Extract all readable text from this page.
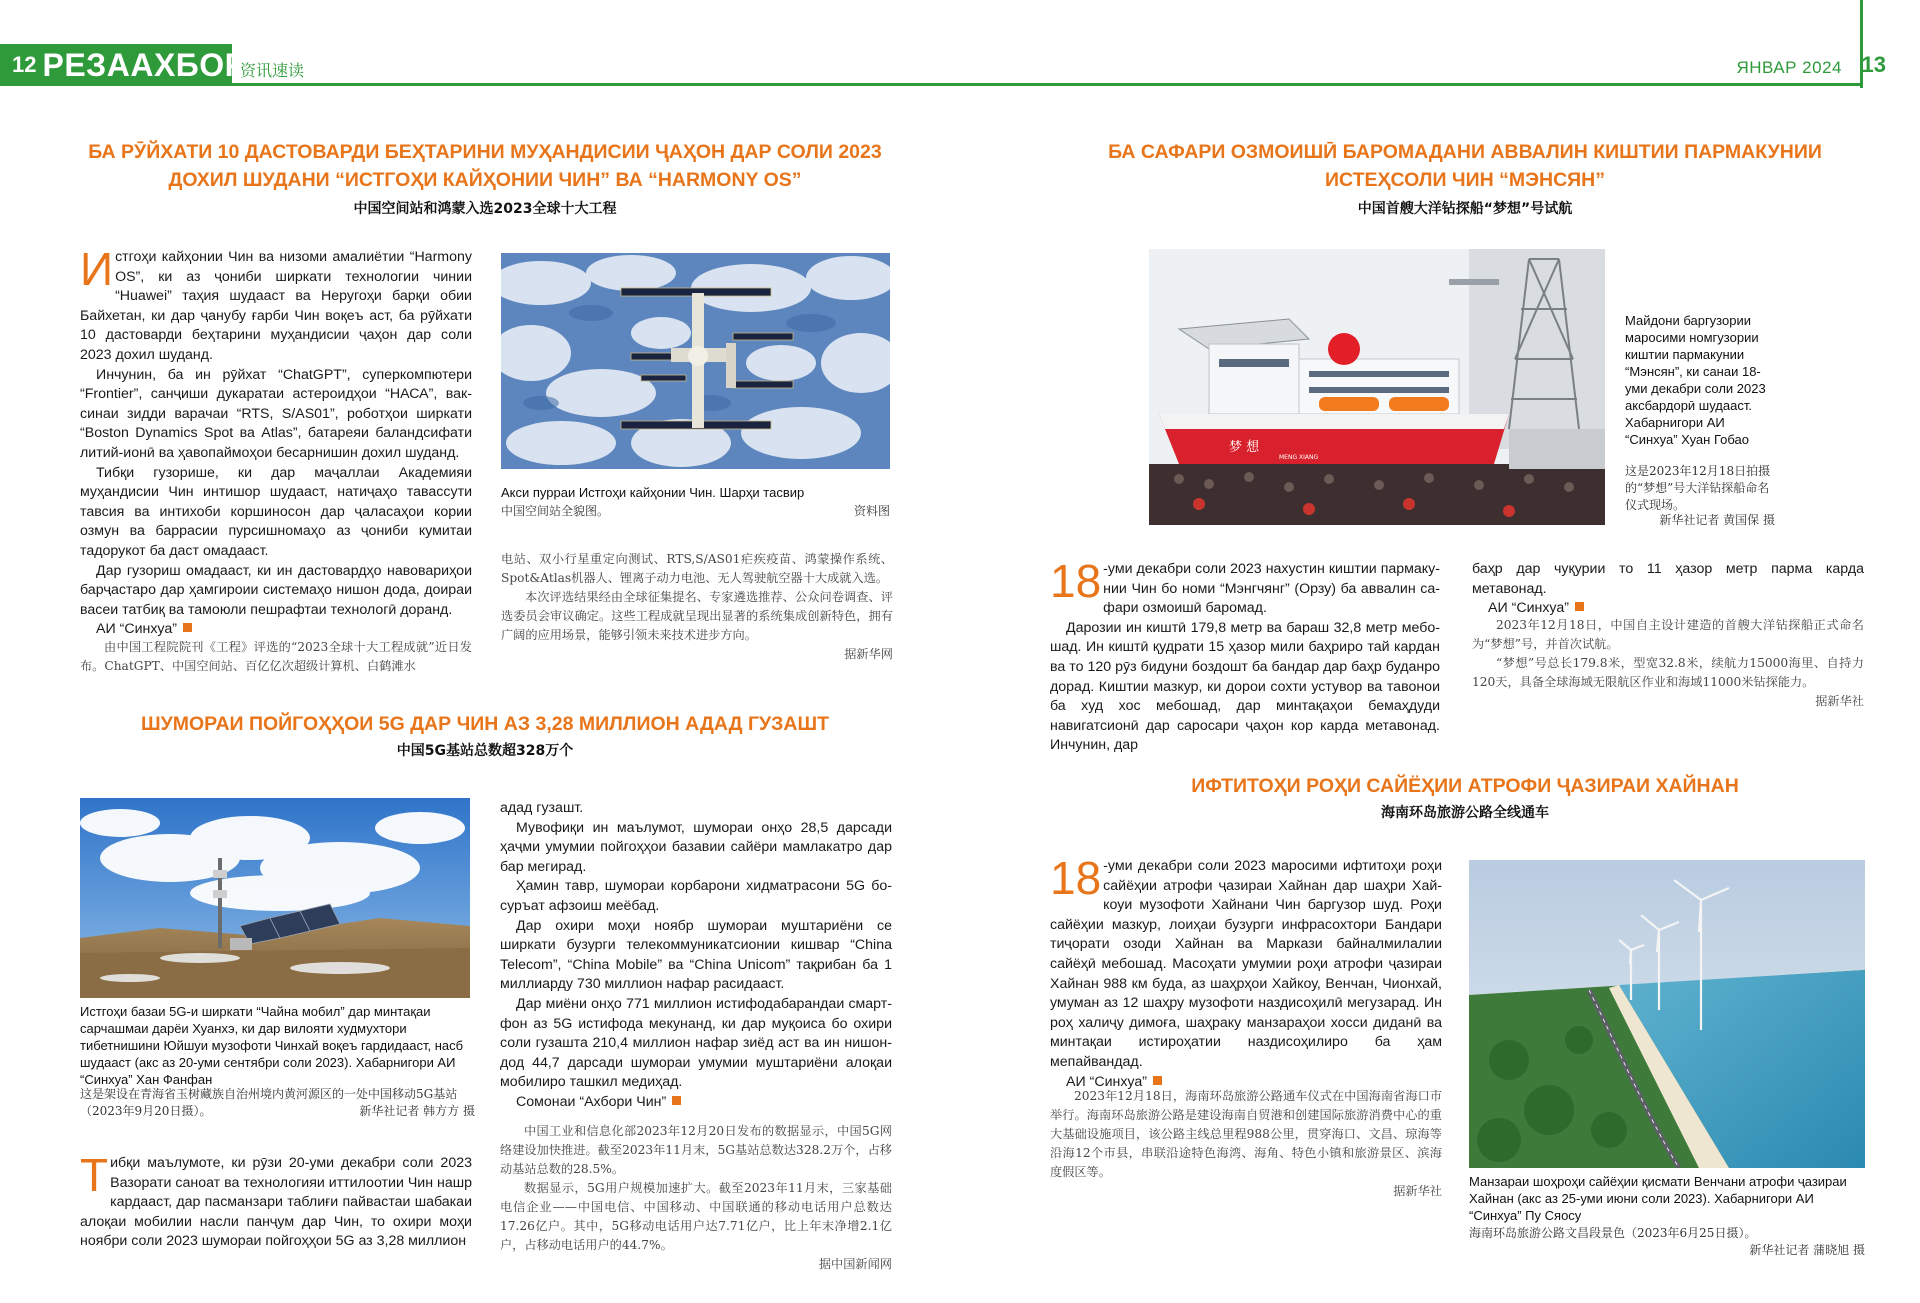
12 РЕЗААХБОР
资讯速读	ЯНВАР 2024 13
БА РӮЙХАТИ 10 ДАСТОВАРДИ БЕҲТАРИНИ МУҲАНДИСИИ ҶАҲОН ДАР СОЛИ 2023 ДОХИЛ ШУДАНИ “ИСТГОҲИ КАЙҲОНИИ ЧИН” ВА “HARMONY OS”
中国空间站和鸿蒙入选2023全球十大工程

Истгоҳи кайҳонии Чин ва низоми амалиётии “Harmony OS”, ки аз ҷониби ширкати технологии чинии “Huawei” таҳия шудааст ва Неругоҳи барқи обии Байхетан, ки дар ҷанубу ғарби Чин воқеъ аст, ба рӯйхати 10 дастоварди беҳтарини муҳандисии ҷаҳон дар соли 2023 дохил шуданд.

Инчунин, ба ин рӯйхат “ChatGPT”, суперкомпютери “Frontier”, санҷиши дукаратаи астероидҳои “НАСА”, ваксинаи зидди варачаи “RTS, S/AS01”, роботҳои ширкати “Boston Dynamics Spot ва Atlas”, батареяи баландсифати литий-ионӣ ва ҳавопаймоҳои бесарнишин дохил шуданд.

Тибқи гузорише, ки дар маҷаллаи Академияи муҳандисии Чин интишор шудааст, натиҷаҳо тавассути тавсия ва интихоби коршиносон дар ҷаласаҳои кории озмун ва баррасии пурсишномаҳо аз ҷониби кумитаи тадорукот ба даст омадааст.

Дар гузориш омадааст, ки ин дастовардҳо навовариҳои барҷастаро дар ҳамгироии системаҳо нишон дода, доираи васеи татбиқ ва тамоюли пешрафтаи технологӣ доранд.

АИ “Синхуа”

Акси пурраи Истгоҳи кайҳонии Чин. Шарҳи тасвир
中国空间站全貌图。	资料图

电站、双小行星重定向测试、RTS,S/AS01疟疾疫苗、鸿蒙操作系统、Spot&Atlas机器人、锂离子动力电池、无人驾驶航空器十大成就入选。

本次评选结果经由全球征集提名、专家遴选推荐、公众问卷调查、评选委员会审议确定。这些工程成就呈现出显著的系统集成创新特色，拥有广阔的应用场景，能够引领未来技术进步方向。

据新华网

由中国工程院院刊《工程》评选的“2023全球十大工程成就”近日发布。ChatGPT、中国空间站、百亿亿次超级计算机、白鹤滩水

ШУМОРАИ ПОЙГОҲҲОИ 5G ДАР ЧИН АЗ 3,28 МИЛЛИОН АДАД ГУЗАШТ
中国5G基站总数超328万个
Истгоҳи базаи 5G-и ширкати “Чайна мобил” дар минтақаи сарчашмаи дарёи Хуанхэ, ки дар вилояти худмухтори тибетнишини Юйшуи музофоти Чинхай воқеъ гардидааст, насб шудааст (акс аз 20-уми сентябри соли 2023). Хабарнигори АИ “Синхуа” Хан Фанфан
这是架设在青海省玉树藏族自治州境内黄河源区的一处中国移动5G基站（2023年9月20日摄）。	新华社记者 韩方方 摄

Тибқи маълумоте, ки рӯзи 20-уми декабри соли 2023 Вазорати саноат ва технологияи иттилоотии Чин нашр кардааст, дар пасманзари таблиғи пайвастаи шабакаи алоқаи мобилии насли панҷум дар Чин, то охири моҳи ноябри соли 2023 шумораи пойгоҳҳои 5G аз 3,28 миллион

адад гузашт.

Мувофиқи ин маълумот, шумораи онҳо 28,5 дарсади ҳаҷми умумии пойгоҳҳои базавии сайёри мамлакатро дар бар мегирад.

Ҳамин тавр, шумораи корбарони хидматрасони 5G босуръат афзоиш меёбад.

Дар охири моҳи ноябр шумораи муштариёни се ширкати бузурги телекоммуникатсионии кишвар “China Telecom”, “China Mobile” ва “China Unicom” тақрибан ба 1 миллиарду 730 миллион нафар расидааст.

Дар миёни онҳо 771 миллион истифодабарандаи смартфон аз 5G истифода мекунанд, ки дар муқоиса бо охири соли гузашта 210,4 миллион нафар зиёд аст ва ин нишондод 44,7 дарсади шумораи умумии муштариёни алоқаи мобилиро ташкил медиҳад.

Сомонаи “Ахбори Чин”

中国工业和信息化部2023年12月20日发布的数据显示，中国5G网络建设加快推进。截至2023年11月末，5G基站总数达328.2万个，占移动基站总数的28.5%。

数据显示，5G用户规模加速扩大。截至2023年11月末，三家基础电信企业——中国电信、中国移动、中国联通的移动电话用户总数达17.26亿户。其中，5G移动电话用户达7.71亿户，比上年末净增2.1亿户，占移动电话用户的44.7%。

据中国新闻网

БА САФАРИ ОЗМОИШӢ БАРОМАДАНИ АВВАЛИН КИШТИИ ПАРМАКУНИИ ИСТЕҲСОЛИ ЧИН “МЭНСЯН”
中国首艘大洋钻探船“梦想”号试航
梦 想
MENG XIANG
Майдони баргузории маросими номгузории киштии пармакунии “Мэнсян”, ки санаи 18-уми декабри соли 2023 аксбардорӣ шудааст. Хабарнигори АИ “Синхуа” Хуан Гобао
这是2023年12月18日拍摄的“梦想”号大洋钻探船命名仪式现场。
新华社记者 黄国保 摄

18 -уми декабри соли 2023 нахустин киштии пармакунии Чин бо номи “Мэнгчянг” (Орзу) ба аввалин сафари озмоишӣ баромад.

Дарозии ин киштӣ 179,8 метр ва бараш 32,8 метр мебошад. Ин киштӣ қудрати 15 ҳазор мили баҳриро тай кардан ва то 120 рӯз бидуни боздошт ба бандар дар баҳр буданро дорад. Киштии мазкур, ки дорои сохти устувор ва тавонои ба худ хос мебошад, дар минтақаҳои бемаҳдуди навигатсионӣ дар саросари ҷаҳон кор карда метавонад. Инчунин, дар

баҳр дар чуқурии то 11 ҳазор метр парма карда метавонад.

АИ “Синхуа”

2023年12月18日，中国自主设计建造的首艘大洋钻探船正式命名为“梦想”号，并首次试航。

“梦想”号总长179.8米，型宽32.8米，续航力15000海里、自持力120天，具备全球海域无限航区作业和海域11000米钻探能力。

据新华社

ИФТИТОҲИ РОҲИ САЙЁҲИИ АТРОФИ ҶАЗИРАИ ХАЙНАН
海南环岛旅游公路全线通车

18 -уми декабри соли 2023 маросими ифтитоҳи роҳи сайёҳии атрофи ҷазираи Хайнан дар шаҳри Хайкоуи музофоти Хайнани Чин баргузор шуд. Роҳи сайёҳии мазкур, лоиҳаи бузурги инфрасохтори Бандари тиҷорати озоди Хайнан ва Маркази байналмилалии сайёҳӣ мебошад. Масоҳати умумии роҳи атрофи ҷазираи Хайнан 988 км буда, аз шаҳрҳои Хайкоу, Венчан, Чионхай, умуман аз 12 шаҳру музофоти наздисоҳилӣ мегузарад. Ин роҳ халиҷу димоға, шаҳраку манзараҳои хосси диданӣ ва минтақаи истироҳатии наздисоҳилиро ба ҳам мепайвандад.

АИ “Синхуа”

2023年12月18日，海南环岛旅游公路通车仪式在中国海南省海口市举行。海南环岛旅游公路是建设海南自贸港和创建国际旅游消费中心的重大基础设施项目，该公路主线总里程988公里，贯穿海口、文昌、琼海等沿海12个市县，串联沿途特色海湾、海角、特色小镇和旅游景区、滨海度假区等。

据新华社

Манзараи шоҳроҳи сайёҳии қисмати Венчани атрофи ҷазираи Хайнан (акс аз 25-уми июни соли 2023). Хабарнигори АИ “Синхуа” Пу Сяосу
海南环岛旅游公路文昌段景色（2023年6月25日摄）。
新华社记者 蒲晓旭 摄
